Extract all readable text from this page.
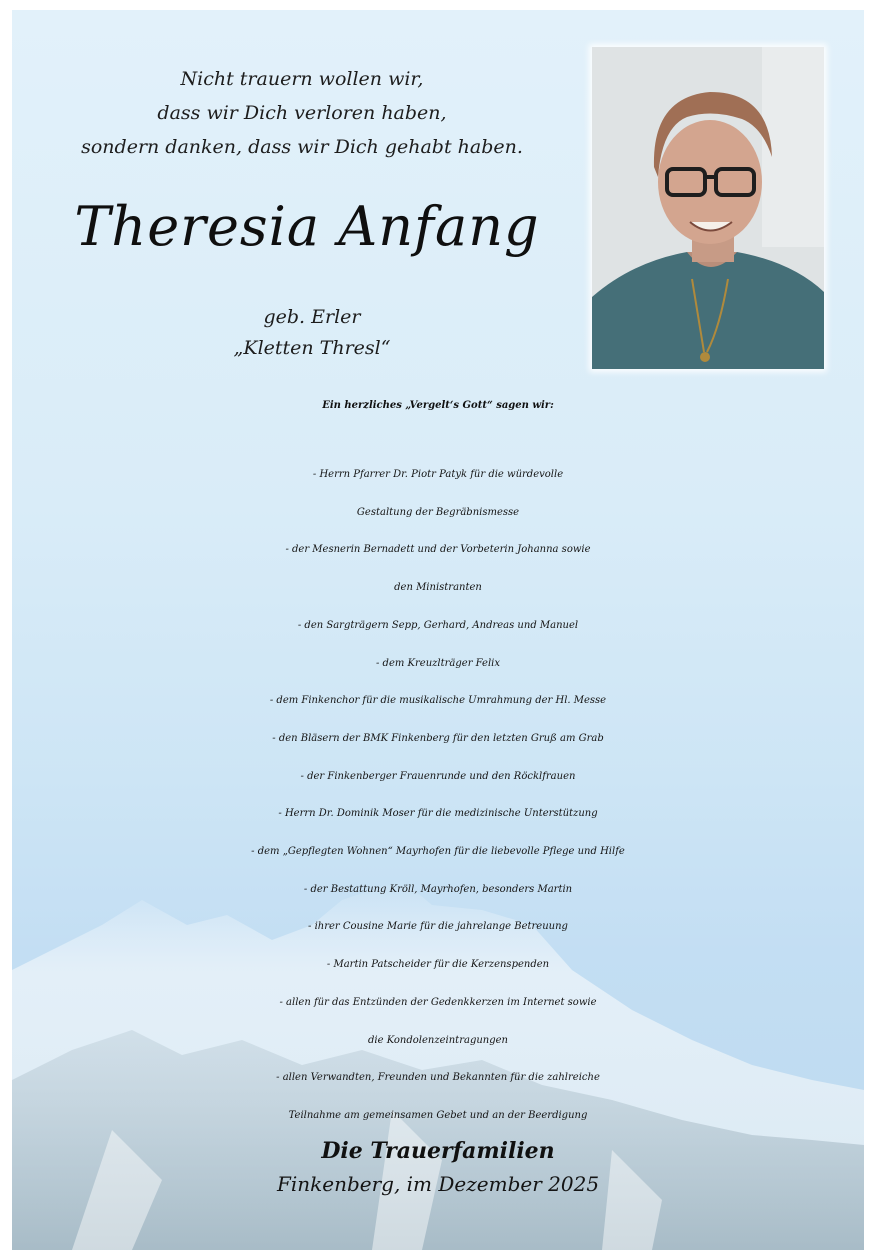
Nicht trauern wollen wir,
dass wir Dich verloren haben,
sondern danken, dass wir Dich gehabt haben.
Theresia Anfang
geb. Erler
„Kletten Thresl“
Ein herzliches „Vergelt‘s Gott“ sagen wir:
- Herrn Pfarrer Dr. Piotr Patyk für die würdevolle
Gestaltung der Begräbnismesse
- der Mesnerin Bernadett und der Vorbeterin Johanna sowie
den Ministranten
- den Sargträgern Sepp, Gerhard, Andreas und Manuel
- dem Kreuzlträger Felix
- dem Finkenchor für die musikalische Umrahmung der Hl. Messe
- den Bläsern der BMK Finkenberg für den letzten Gruß am Grab
- der Finkenberger Frauenrunde und den Röcklfrauen
- Herrn Dr. Dominik Moser für die medizinische Unterstützung
- dem „Gepflegten Wohnen“ Mayrhofen für die liebevolle Pflege und Hilfe
- der Bestattung Kröll, Mayrhofen, besonders Martin
- ihrer Cousine Marie für die jahrelange Betreuung
- Martin Patscheider für die Kerzenspenden
- allen für das Entzünden der Gedenkkerzen im Internet sowie
die Kondolenzeintragungen
- allen Verwandten, Freunden und Bekannten für die zahlreiche
Teilnahme am gemeinsamen Gebet und an der Beerdigung
Die Trauerfamilien
Finkenberg, im Dezember 2025
